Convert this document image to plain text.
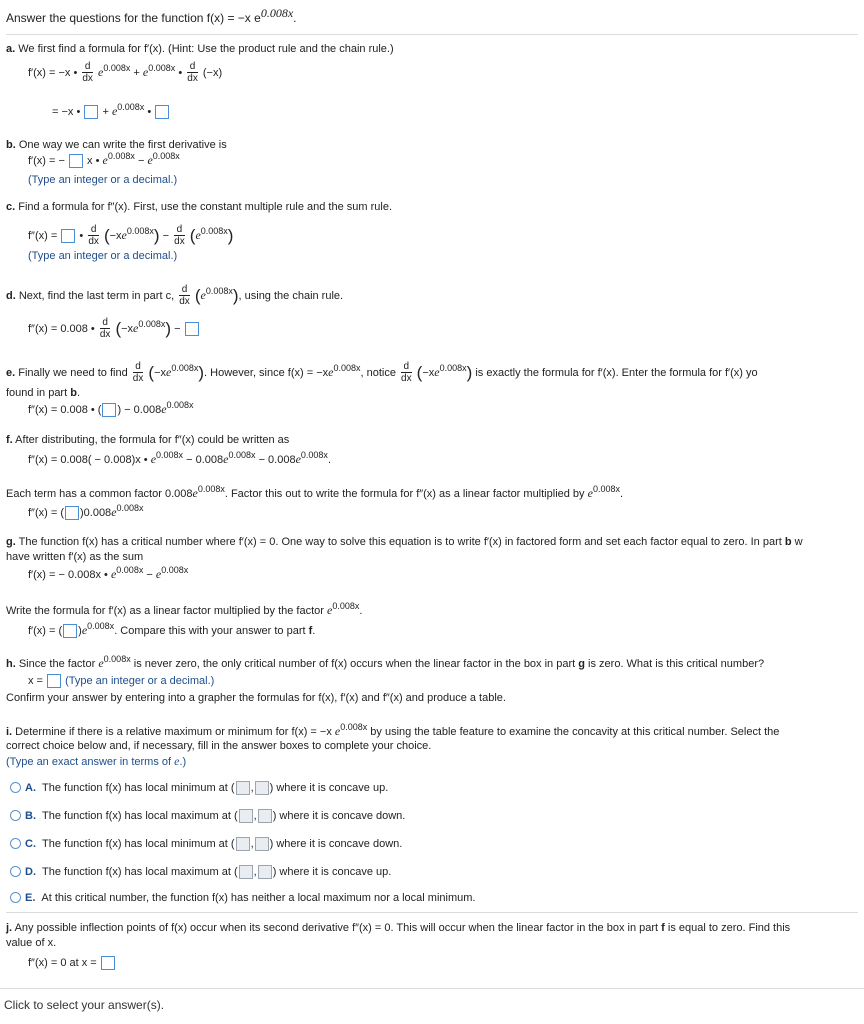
Answer the questions for the function f(x) = −x $e^{0.008x}$.
a. We first find a formula for f′(x). (Hint: Use the product rule and the chain rule.)
f′(x) = −x • $\frac{d}{dx} e^{0.008x} + e^{0.008x}$ • $\frac{d}{dx} (-x)$
= −x • + $e^{0.008x}$ •
b. One way we can write the first derivative is
f′(x) = − x • $e^{0.008x} - e^{0.008x}$
(Type an integer or a decimal.)
c. Find a formula for f″(x). First, use the constant multiple rule and the sum rule.
f″(x) = • $\frac{d}{dx} (-xe^{0.008x}) - \frac{d}{dx} (e^{0.008x})$
(Type an integer or a decimal.)
d. Next, find the last term in part c, $\frac{d}{dx} (e^{0.008x})$, using the chain rule.
f″(x) = 0.008 • $\frac{d}{dx} (-xe^{0.008x})$ −
e. Finally we need to find $\frac{d}{dx} (-xe^{0.008x})$. However, since $f(x) = -xe^{0.008x}$, notice $\frac{d}{dx} (-xe^{0.008x})$ is exactly the formula for f′(x). Enter the formula for f′(x) yo
found in part b.
f″(x) = 0.008 • ( ) − $0.008e^{0.008x}$
f. After distributing, the formula for f″(x) could be written as
f″(x) = 0.008( − 0.008)x • $e^{0.008x} - 0.008e^{0.008x} - 0.008e^{0.008x}$.
Each term has a common factor $0.008e^{0.008x}$. Factor this out to write the formula for f″(x) as a linear factor multiplied by $e^{0.008x}$.
f″(x) = ( )$0.008e^{0.008x}$
g. The function f(x) has a critical number where f′(x) = 0. One way to solve this equation is to write f′(x) in factored form and set each factor equal to zero. In part b w
have written f′(x) as the sum
f′(x) = − 0.008x • $e^{0.008x} - e^{0.008x}$
Write the formula for f′(x) as a linear factor multiplied by the factor $e^{0.008x}$.
f′(x) = ( )$e^{0.008x}$. Compare this with your answer to part f.
h. Since the factor $e^{0.008x}$ is never zero, the only critical number of f(x) occurs when the linear factor in the box in part g is zero. What is this critical number?
x = (Type an integer or a decimal.)
Confirm your answer by entering into a grapher the formulas for f(x), f′(x) and f″(x) and produce a table.
i. Determine if there is a relative maximum or minimum for f(x) = −x $e^{0.008x}$ by using the table feature to examine the concavity at this critical number. Select the
correct choice below and, if necessary, fill in the answer boxes to complete your choice.
(Type an exact answer in terms of e.)
A. The function f(x) has local minimum at ( , ) where it is concave up.
B. The function f(x) has local maximum at ( , ) where it is concave down.
C. The function f(x) has local minimum at ( , ) where it is concave down.
D. The function f(x) has local maximum at ( , ) where it is concave up.
E. At this critical number, the function f(x) has neither a local maximum nor a local minimum.
j. Any possible inflection points of f(x) occur when its second derivative f″(x) = 0. This will occur when the linear factor in the box in part f is equal to zero. Find this
value of x.
f″(x) = 0 at x =
Click to select your answer(s).
